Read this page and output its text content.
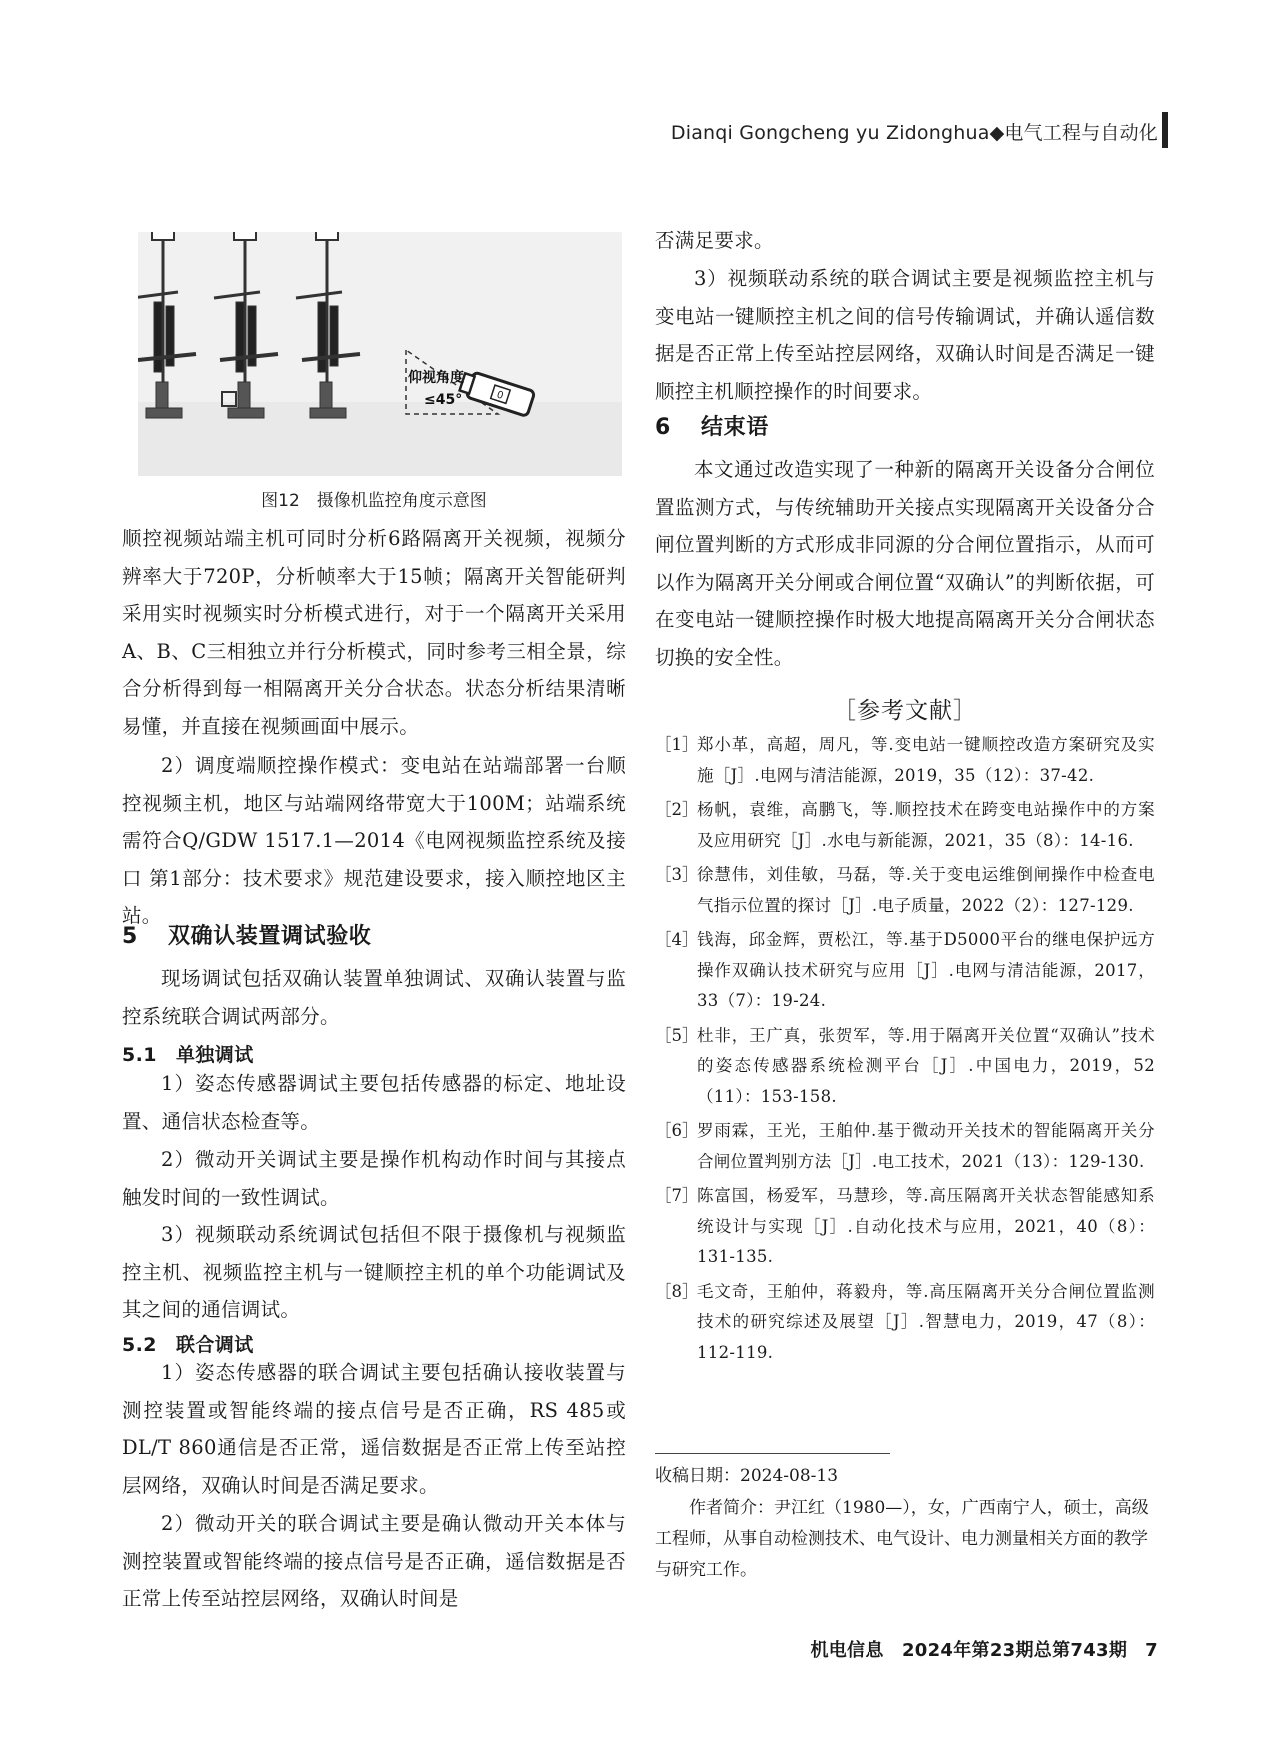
Dianqi Gongcheng yu Zidonghua◆电气工程与自动化
0
仰视角度
≤45°
图12　摄像机监控角度示意图

顺控视频站端主机可同时分析6路隔离开关视频，视频分辨率大于720P，分析帧率大于15帧；隔离开关智能研判采用实时视频实时分析模式进行，对于一个隔离开关采用A、B、C三相独立并行分析模式，同时参考三相全景，综合分析得到每一相隔离开关分合状态。状态分析结果清晰易懂，并直接在视频画面中展示。

2）调度端顺控操作模式：变电站在站端部署一台顺控视频主机，地区与站端网络带宽大于100M；站端系统需符合Q/GDW 1517.1—2014《电网视频监控系统及接口 第1部分：技术要求》规范建设要求，接入顺控地区主站。

5 双确认装置调试验收

现场调试包括双确认装置单独调试、双确认装置与监控系统联合调试两部分。

5.1 单独调试

1）姿态传感器调试主要包括传感器的标定、地址设置、通信状态检查等。

2）微动开关调试主要是操作机构动作时间与其接点触发时间的一致性调试。

3）视频联动系统调试包括但不限于摄像机与视频监控主机、视频监控主机与一键顺控主机的单个功能调试及其之间的通信调试。

5.2 联合调试

1）姿态传感器的联合调试主要包括确认接收装置与测控装置或智能终端的接点信号是否正确，RS 485或DL/T 860通信是否正常，遥信数据是否正常上传至站控层网络，双确认时间是否满足要求。

2）微动开关的联合调试主要是确认微动开关本体与测控装置或智能终端的接点信号是否正确，遥信数据是否正常上传至站控层网络，双确认时间是

否满足要求。

3）视频联动系统的联合调试主要是视频监控主机与变电站一键顺控主机之间的信号传输调试，并确认遥信数据是否正常上传至站控层网络，双确认时间是否满足一键顺控主机顺控操作的时间要求。

6 结束语

本文通过改造实现了一种新的隔离开关设备分合闸位置监测方式，与传统辅助开关接点实现隔离开关设备分合闸位置判断的方式形成非同源的分合闸位置指示，从而可以作为隔离开关分闸或合闸位置“双确认”的判断依据，可在变电站一键顺控操作时极大地提高隔离开关分合闸状态切换的安全性。

［参考文献］
［1］
郑小革，高超，周凡，等.变电站一键顺控改造方案研究及实施［J］.电网与清洁能源，2019，35（12）：37-42.
［2］
杨帆，袁维，高鹏飞，等.顺控技术在跨变电站操作中的方案及应用研究［J］.水电与新能源，2021，35（8）：14-16.
［3］
徐慧伟，刘佳敏，马磊，等.关于变电运维倒闸操作中检查电气指示位置的探讨［J］.电子质量，2022（2）：127-129.
［4］
钱海，邱金辉，贾松江，等.基于D5000平台的继电保护远方操作双确认技术研究与应用［J］.电网与清洁能源，2017，33（7）：19-24.
［5］
杜非，王广真，张贺军，等.用于隔离开关位置“双确认”技术的姿态传感器系统检测平台［J］.中国电力，2019，52（11）：153-158.
［6］
罗雨霖，王光，王舶仲.基于微动开关技术的智能隔离开关分合闸位置判别方法［J］.电工技术，2021（13）：129-130.
［7］
陈富国，杨爱军，马慧珍，等.高压隔离开关状态智能感知系统设计与实现［J］.自动化技术与应用，2021，40（8）：131-135.
［8］
毛文奇，王舶仲，蒋毅舟，等.高压隔离开关分合闸位置监测技术的研究综述及展望［J］.智慧电力，2019，47（8）：112-119.
收稿日期：2024-08-13
作者简介：尹江红（1980—），女，广西南宁人，硕士，高级工程师，从事自动检测技术、电气设计、电力测量相关方面的教学与研究工作。
机电信息　2024年第23期总第743期 7
